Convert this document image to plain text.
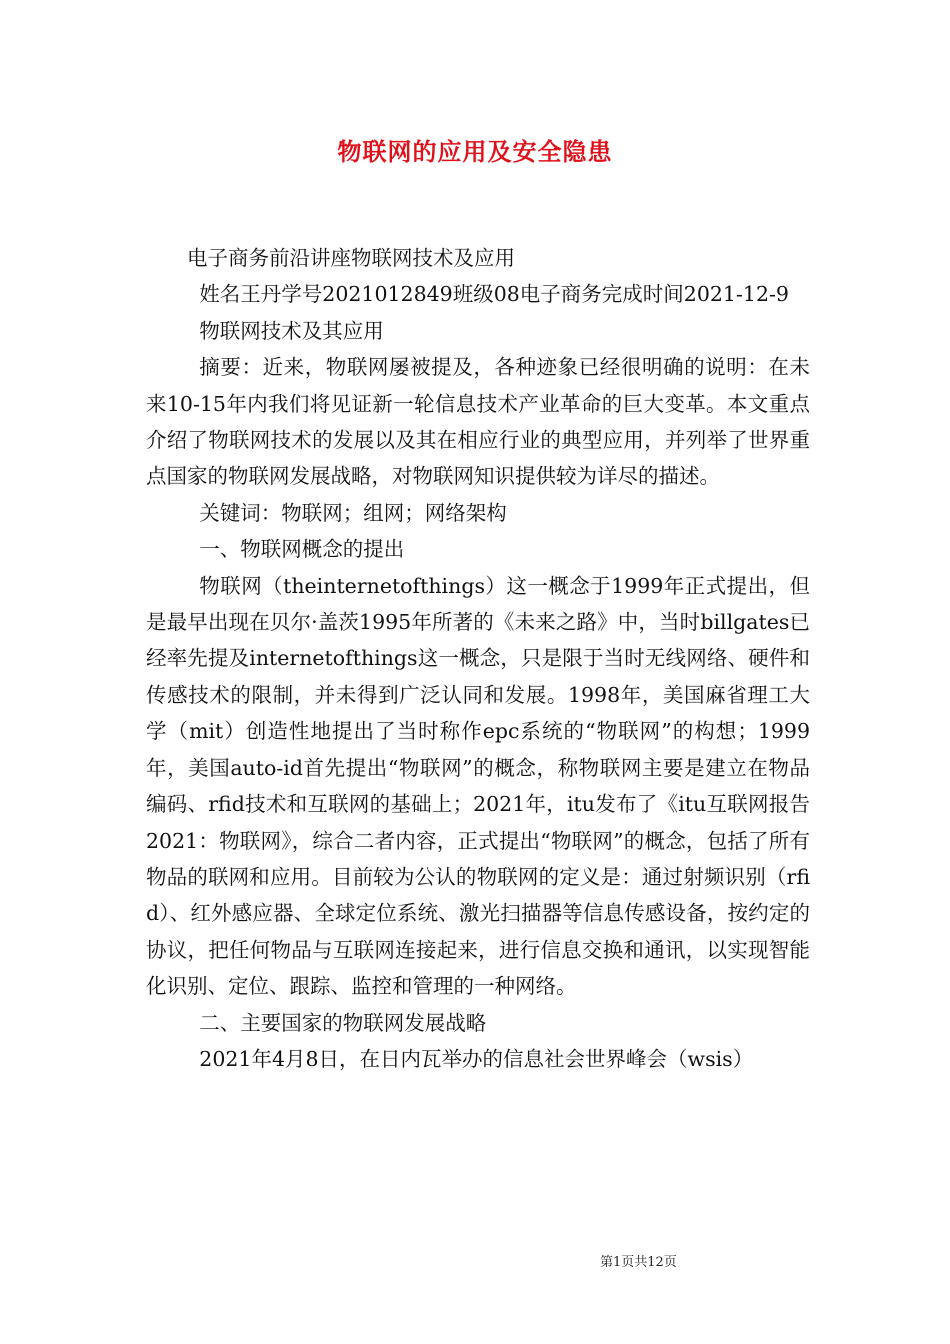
物联网的应用及安全隐患

电子商务前沿讲座物联网技术及应用

姓名王丹学号2021012849班级08电子商务完成时间2021-12-9

物联网技术及其应用

摘要：近来，物联网屡被提及，各种迹象已经很明确的说明：在未来10-15年内我们将见证新一轮信息技术产业革命的巨大变革。本文重点介绍了物联网技术的发展以及其在相应行业的典型应用，并列举了世界重点国家的物联网发展战略，对物联网知识提供较为详尽的描述。

关键词：物联网；组网；网络架构

一、物联网概念的提出

物联网（theinternetofthings）这一概念于1999年正式提出，但是最早出现在贝尔·盖茨1995年所著的《未来之路》中，当时billgates已经率先提及internetofthings这一概念，只是限于当时无线网络、硬件和传感技术的限制，并未得到广泛认同和发展。1998年，美国麻省理工大学（mit）创造性地提出了当时称作epc系统的“物联网”的构想；1999年，美国auto-id首先提出“物联网”的概念，称物联网主要是建立在物品编码、rfid技术和互联网的基础上；2021年，itu发布了《itu互联网报告2021：物联网》，综合二者内容，正式提出“物联网”的概念，包括了所有物品的联网和应用。目前较为公认的物联网的定义是：通过射频识别（rfid）、红外感应器、全球定位系统、激光扫描器等信息传感设备，按约定的协议，把任何物品与互联网连接起来，进行信息交换和通讯，以实现智能化识别、定位、跟踪、监控和管理的一种网络。

二、主要国家的物联网发展战略

2021年4月8日，在日内瓦举办的信息社会世界峰会（wsis）

第1页共12页
